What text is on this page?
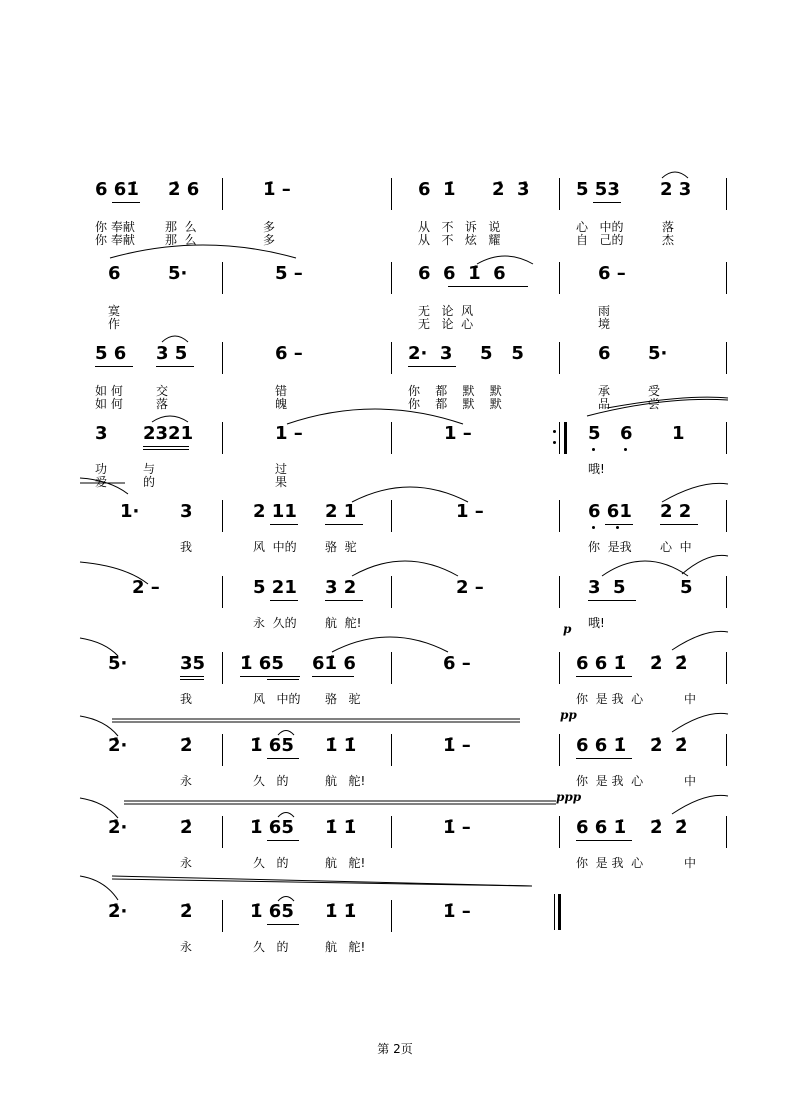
6 61̇ 2̇ 6	1̇ –	6  1̇ 2̇  3̇	5 53 2 3
你 奉献	那  么	多	从   不   诉   说	心   中的	落
你 奉献	那  么	多	从   不   炫   耀	自   己的	杰
6	5·	5 –	6  6  1̇  6	6 –
寞	无   论  风	雨
作	无   论  心	境
5 6 3 5	6 –	2·  3 5   5	6 5·
如 何	交	错	你    都    默    默	承	受
如 何	落	魄	你    都    默    默	品	尝
3 2321	1 –	1 –	5 6 1
功	与	过	哦!
爱	的	果
1· 3	2 11 2 1	1 –	6 61 2 2
我	风  中的 骆  驼	你  是我 心  中
2 –	5 21 3 2	2 –	3  5	5
永  久的 航  舵!	p 哦!
5·	35 1̇ 65 61̇ 6	6 –	6 6 1̇ 2̇  2̇
我	风   中的 骆   驼	你  是 我  心	中
pp
2̇·	2̇	1̇ 65 1̇ 1̇	1̇ –	6 6 1̇ 2̇  2̇
永	久   的	航   舵!	你  是 我  心	中
ppp
2̇·	2̇	1̇ 65 1̇ 1̇	1̇ –	6 6 1̇ 2̇  2̇
永	久   的	航   舵!	你  是 我  心	中
2̇·	2̇	1̇ 65 1̇ 1̇	1̇ –
永	久   的	航   舵!
第 2页
